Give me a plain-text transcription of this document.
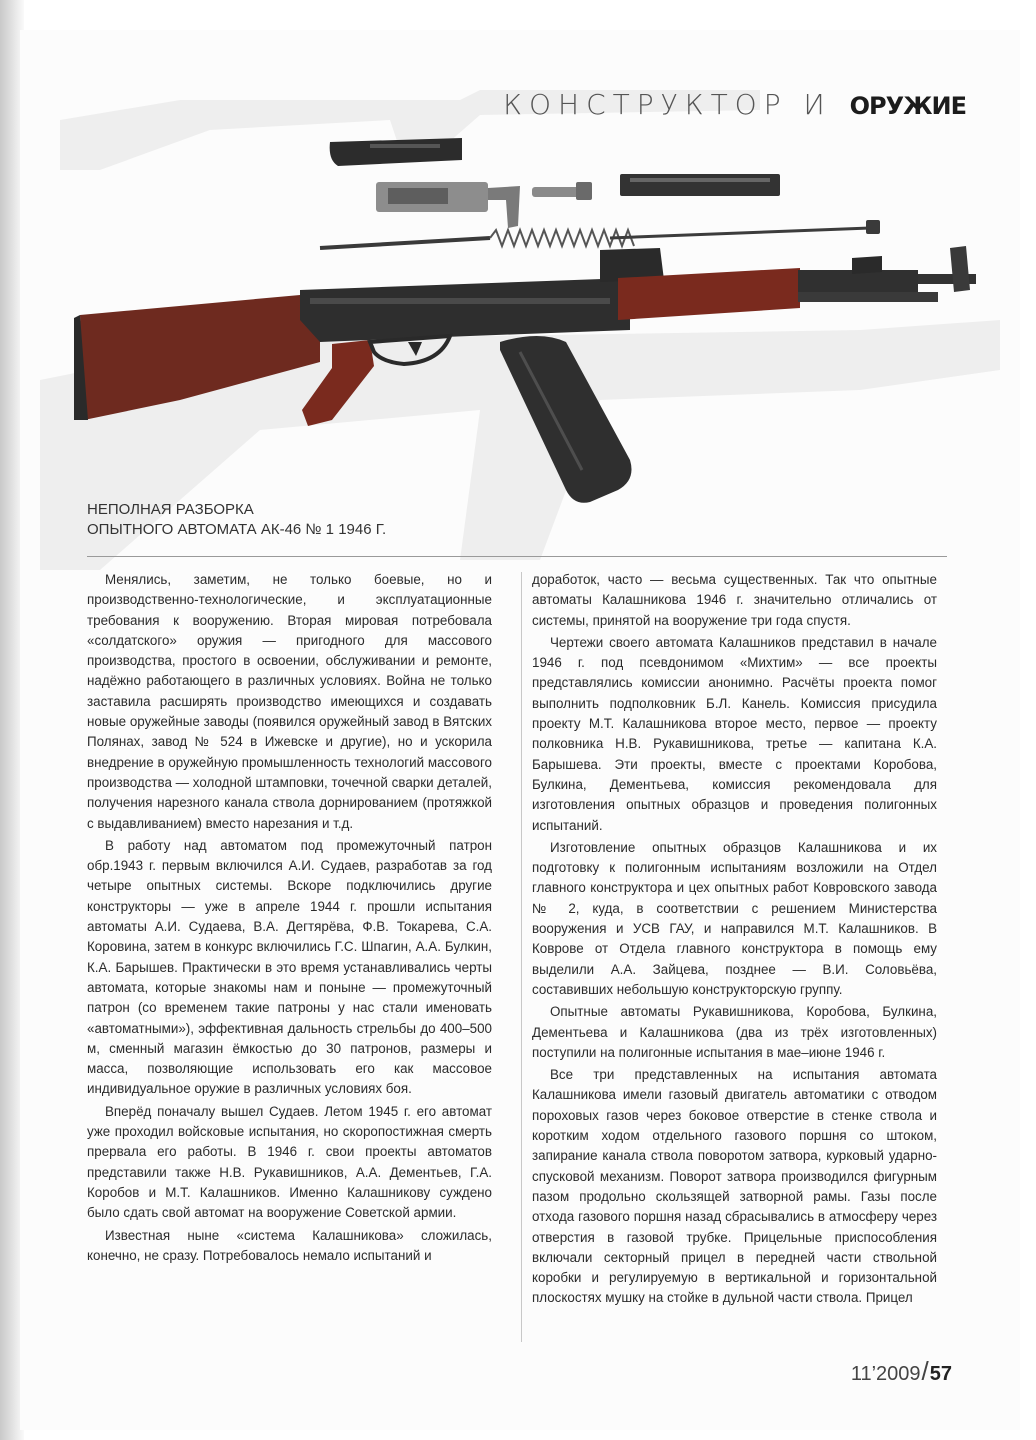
КОНСТРУКТОР И ОРУЖИЕ
НЕПОЛНАЯ РАЗБОРКА
ОПЫТНОГО АВТОМАТА АК-46 № 1 1946 Г.

Менялись, заметим, не только боевые, но и производственно-технологические, и эксплуатационные требования к вооружению. Вторая мировая потребовала «солдатского» оружия — пригодного для массового производства, простого в освоении, обслуживании и ремонте, надёжно работающего в различных условиях. Война не только заставила расширять производство имеющихся и создавать новые оружейные заводы (появился оружейный завод в Вятских Полянах, завод № 524 в Ижевске и другие), но и ускорила внедрение в оружейную промышленность технологий массового производства — холодной штамповки, точечной сварки деталей, получения нарезного канала ствола дорнированием (протяжкой с выдавливанием) вместо нарезания и т.д.

В работу над автоматом под промежуточный патрон обр.1943 г. первым включился А.И. Судаев, разработав за год четыре опытных системы. Вскоре подключились другие конструкторы — уже в апреле 1944 г. прошли испытания автоматы А.И. Судаева, В.А. Дегтярёва, Ф.В. Токарева, С.А. Коровина, затем в конкурс включились Г.С. Шпагин, А.А. Булкин, К.А. Барышев. Практически в это время устанавливались черты автомата, которые знакомы нам и поныне — промежуточный патрон (со временем такие патроны у нас стали именовать «автоматными»), эффективная дальность стрельбы до 400–500 м, сменный магазин ёмкостью до 30 патронов, размеры и масса, позволяющие использовать его как массовое индивидуальное оружие в различных условиях боя.

Вперёд поначалу вышел Судаев. Летом 1945 г. его автомат уже проходил войсковые испытания, но скоропостижная смерть прервала его работы. В 1946 г. свои проекты автоматов представили также Н.В. Рукавишников, А.А. Дементьев, Г.А. Коробов и М.Т. Калашников. Именно Калашникову суждено было сдать свой автомат на вооружение Советской армии.

Известная ныне «система Калашникова» сложилась, конечно, не сразу. Потребовалось немало испытаний и

доработок, часто — весьма существенных. Так что опытные автоматы Калашникова 1946 г. значительно отличались от системы, принятой на вооружение три года спустя.

Чертежи своего автомата Калашников представил в начале 1946 г. под псевдонимом «Михтим» — все проекты представлялись комиссии анонимно. Расчёты проекта помог выполнить подполковник Б.Л. Канель. Комиссия присудила проекту М.Т. Калашникова второе место, первое — проекту полковника Н.В. Рукавишникова, третье — капитана К.А. Барышева. Эти проекты, вместе с проектами Коробова, Булкина, Дементьева, комиссия рекомендовала для изготовления опытных образцов и проведения полигонных испытаний.

Изготовление опытных образцов Калашникова и их подготовку к полигонным испытаниям возложили на Отдел главного конструктора и цех опытных работ Ковровского завода № 2, куда, в соответствии с решением Министерства вооружения и УСВ ГАУ, и направился М.Т. Калашников. В Коврове от Отдела главного конструктора в помощь ему выделили А.А. Зайцева, позднее — В.И. Соловьёва, составивших небольшую конструкторскую группу.

Опытные автоматы Рукавишникова, Коробова, Булкина, Дементьева и Калашникова (два из трёх изготовленных) поступили на полигонные испытания в мае–июне 1946 г.

Все три представленных на испытания автомата Калашникова имели газовый двигатель автоматики с отводом пороховых газов через боковое отверстие в стенке ствола и коротким ходом отдельного газового поршня со штоком, запирание канала ствола поворотом затвора, курковый ударно-спусковой механизм. Поворот затвора производился фигурным пазом продольно скользящей затворной рамы. Газы после отхода газового поршня назад сбрасывались в атмосферу через отверстия в газовой трубке. Прицельные приспособления включали секторный прицел в передней части ствольной коробки и регулируемую в вертикальной и горизонтальной плоскостях мушку на стойке в дульной части ствола. Прицел

11’2009/57
